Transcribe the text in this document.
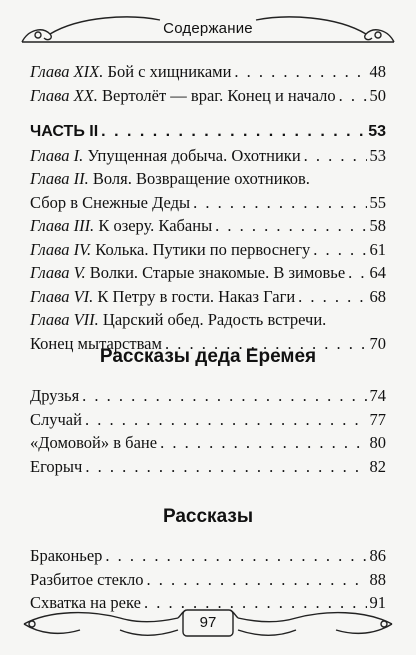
Содержание
Глава XIX. Бой с хищниками . . .	48
Глава XX. Вертолёт — враг. Конец и начало . . . 50
ЧАСТЬ II . . .	53
Глава I. Упущенная добыча. Охотники . . .	53
Глава II. Воля. Возвращение охотников.
Сбор в Снежные Деды . . .	55
Глава III. К озеру. Кабаны . . .	58
Глава IV. Колька. Путики по первоснегу . . .	61
Глава V. Волки. Старые знакомые. В зимовье . . . 64
Глава VI. К Петру в гости. Наказ Гаги . . .	68
Глава VII. Царский обед. Радость встречи.
Конец мытарствам . . .	70
Рассказы деда Еремея
Друзья . . .	74
Случай . . .	77
«Домовой» в бане . . .	80
Егорыч . . .	82
Рассказы
Браконьер . . .	86
Разбитое стекло . . .	88
Схватка на реке . . .	91
97
